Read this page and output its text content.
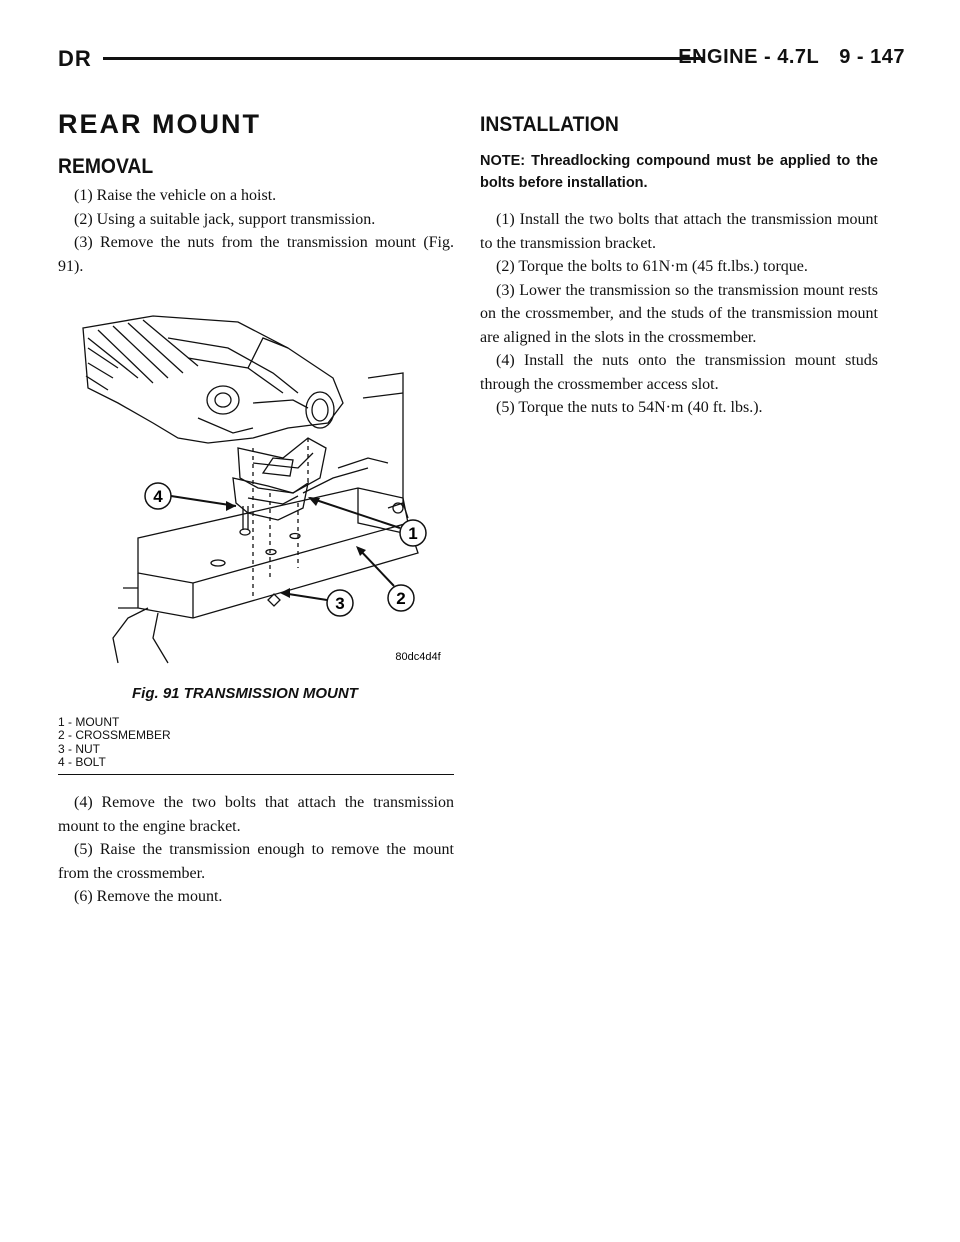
DR	ENGINE - 4.7L 9 - 147
REAR MOUNT
REMOVAL

(1) Raise the vehicle on a hoist.

(2) Using a suitable jack, support transmission.

(3) Remove the nuts from the transmission mount (Fig. 91).

4
1
3	2
80dc4d4f
Fig. 91 TRANSMISSION MOUNT
1 - MOUNT
2 - CROSSMEMBER
3 - NUT
4 - BOLT

(4) Remove the two bolts that attach the transmission mount to the engine bracket.

(5) Raise the transmission enough to remove the mount from the crossmember.

(6) Remove the mount.

INSTALLATION

NOTE: Threadlocking compound must be applied to the bolts before installation.

(1) Install the two bolts that attach the transmission mount to the transmission bracket.

(2) Torque the bolts to 61N·m (45 ft.lbs.) torque.

(3) Lower the transmission so the transmission mount rests on the crossmember, and the studs of the transmission mount are aligned in the slots in the crossmember.

(4) Install the nuts onto the transmission mount studs through the crossmember access slot.

(5) Torque the nuts to 54N·m (40 ft. lbs.).
